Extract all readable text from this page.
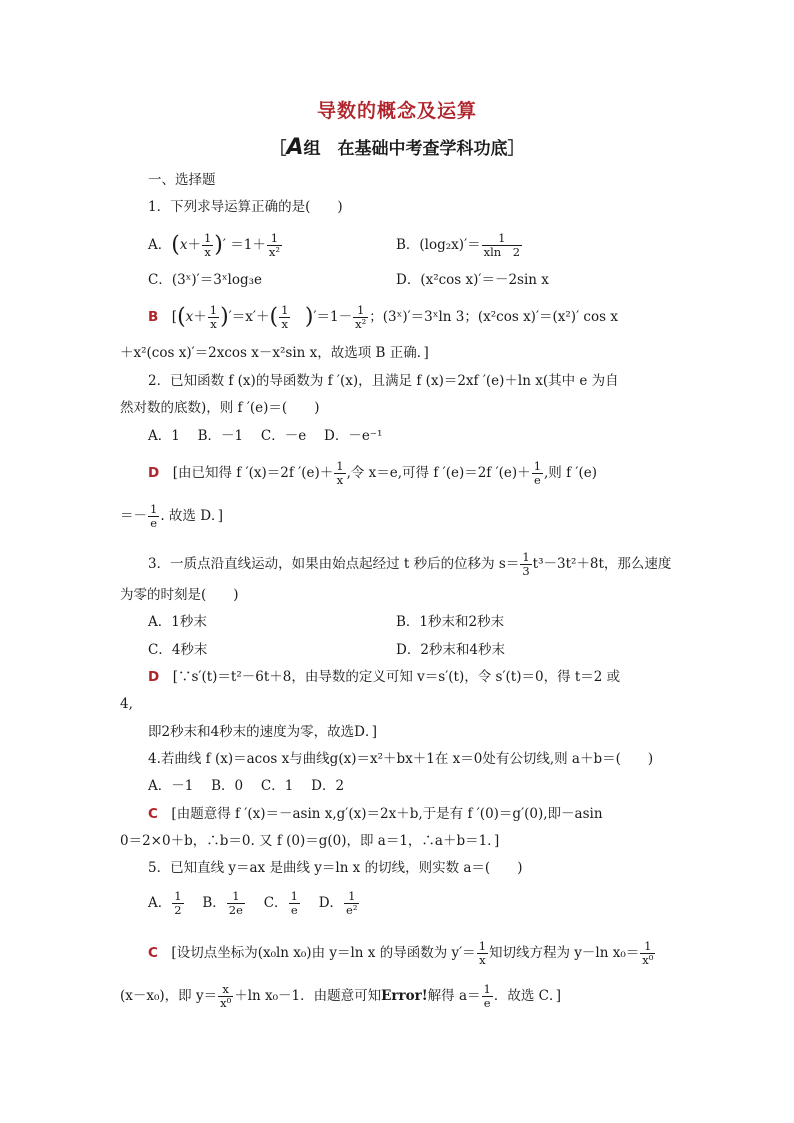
导数的概念及运算
［A组　在基础中考查学科功底］
一、选择题
1．下列求导运算正确的是(　　)
A．($x+ \frac{1}{x}$ )′ $=1+ \frac{1}{\text{x²}}$	B．$(\log_2x)'= \frac{1}{xln 2}$
C．(3ˣ)′＝3ˣlog₃e	D．(x²cos x)′＝－2sin x
B　[$(x+ \frac{1}{x} )'=x'+( \frac{1}{x}$
　 )$'=1- \frac{1}{\text{x²}}$ ；(3ˣ)′＝3ˣln 3；(x²cos x)′＝(x²)′ cos x
＋x²(cos x)′＝2xcos x－x²sin x，故选项 B 正确．]
2．已知函数 f (x)的导函数为 f ′(x)，且满足 f (x)＝2xf ′(e)＋ln x(其中 e 为自
然对数的底数)，则 f ′(e)＝(　　)
A．1　 B．－1　 C．－e　 D．－e⁻¹
D　 [由已知得 f ′(x)＝2f $'(e)+ \frac{1}{x}$ ,令 x＝e,可得 f ′(e)＝2f $'(e)+ \frac{1}{e}$ ,则 f ′(e)
＝－ $\frac{1}{e}$ . 故选 D．]
3．一质点沿直线运动，如果由始点起经过 t 秒后的位移为 $s= \frac{1}{3} t^3-3t^2+8t$，那么速度
为零的时刻是(　　)
A．1秒末	B．1秒末和2秒末
C．4秒末	D．2秒末和4秒末
D　 [∵s′(t)＝t²－6t＋8，由导数的定义可知 v＝s′(t)，令 s′(t)＝0，得 t＝2 或
4,
即2秒末和4秒末的速度为零，故选D．]
4.若曲线 f (x)＝acos x与曲线g(x)＝x²＋bx＋1在 x＝0处有公切线,则 a＋b＝(　　)
A．－1　 B．0　 C．1　 D．2
C　 [由题意得 f ′(x)＝－asin x,g′(x)＝2x＋b,于是有 f ′(0)＝g′(0),即－asin
0＝2×0＋b，∴b＝0. 又 f (0)＝g(0)，即 a＝1，∴a＋b＝1．]
5．已知直线 y＝ax 是曲线 y＝ln x 的切线，则实数 a＝(　　)
A． $\frac{1}{2}$
　 B． $\frac{1}{2e}$
　 C． $\frac{1}{e}$
　 D． $\frac{1}{\text{e²}}$
C　 [设切点坐标为(x₀ln x₀)由 y＝ln x 的导函数为 $y'= \frac{1}{x}$ 知切线方程为 y－ln $x_0= \frac{1}{\text{x⁰}}$
(x－x₀)，即 $y= \frac{x}{\text{x⁰}} +\ln$ x₀－1．由题意可知Error!解得 $a= \frac{1}{e}$ ．故选 C．]
